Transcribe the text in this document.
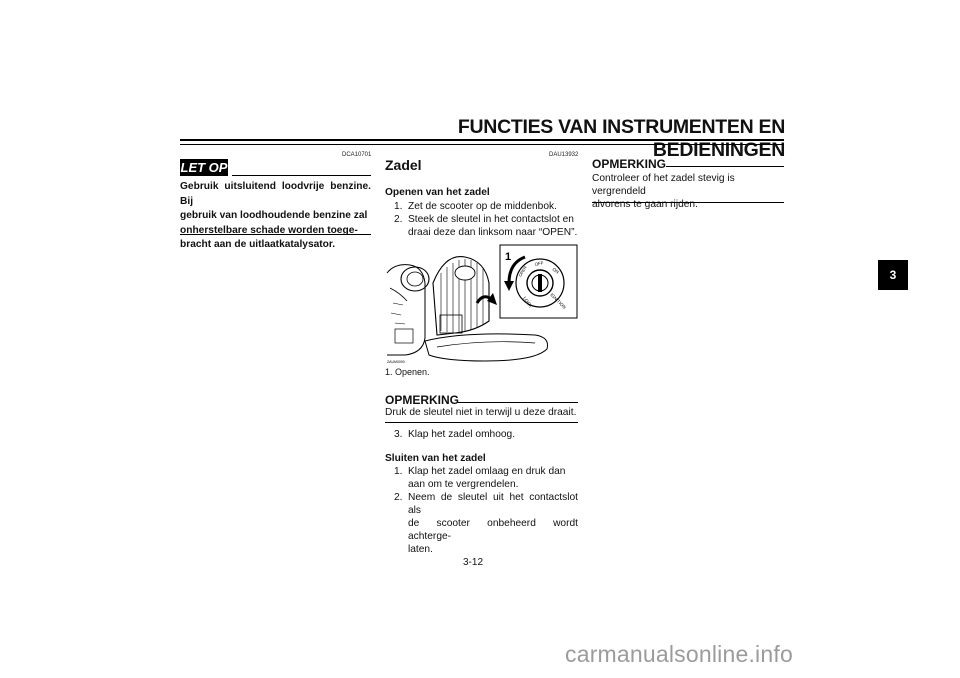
FUNCTIES VAN INSTRUMENTEN EN BEDIENINGEN
DCA10701
LET OP
Gebruik uitsluitend loodvrije benzine. Bij
gebruik van loodhoudende benzine zal
onherstelbare schade worden toege-
bracht aan de uitlaatkatalysator.
DAU13932
Zadel
Openen van het zadel
1. Zet de scooter op de middenbok.
2. Steek de sleutel in het contactslot en
draai deze dan linksom naar “OPEN”.
1
OFF
ON
LOCK
OPEN
IGNITION
ZAUM0090
1. Openen.
OPMERKING
Druk de sleutel niet in terwijl u deze draait.
3. Klap het zadel omhoog.
Sluiten van het zadel
1. Klap het zadel omlaag en druk dan
aan om te vergrendelen.
2. Neem de sleutel uit het contactslot als
de scooter onbeheerd wordt achterge-
laten.
OPMERKING
Controleer of het zadel stevig is vergrendeld
alvorens te gaan rijden.
3-12
3
carmanualsonline.info
